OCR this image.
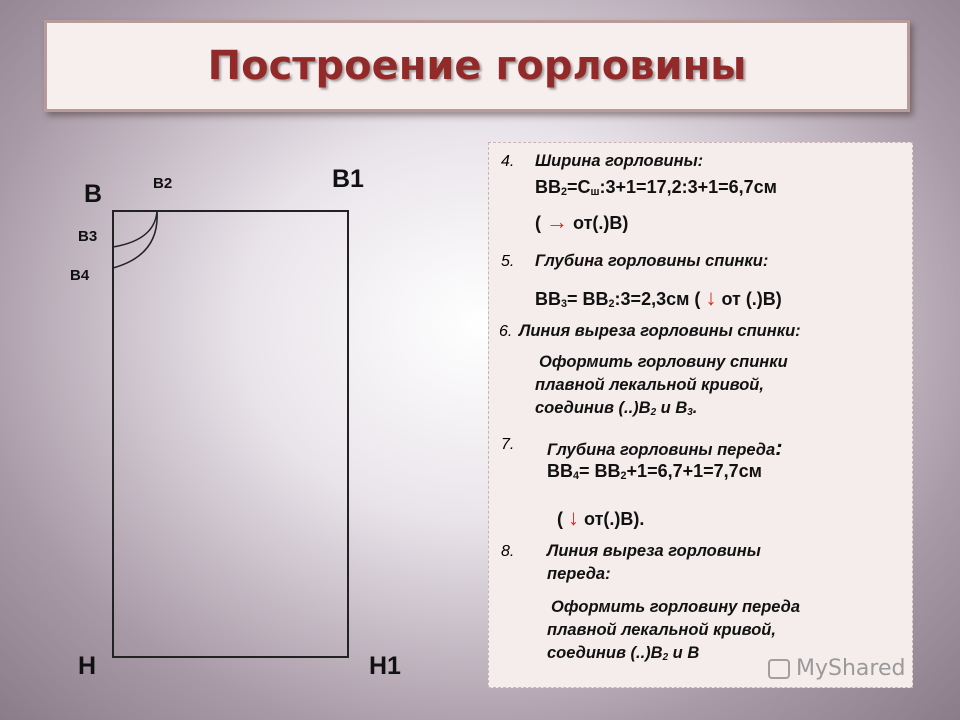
Построение горловины
В
В1
В2
В3
В4
Н	Н1
4. Ширина горловины:
$ВВ_2=С_ш:3+1=17,2:3+1=6,7см$
( → от(.)В)
5. Глубина горловины спинки:
$ВВ_3=$ $ВВ_2:3=2,3см$ ( ↓ от (.)В)
6. Линия выреза горловины спинки:
Оформить горловину спинки
плавной лекальной кривой,
соединив $(..)В_2$ и $В_3$.
7. Глубина горловины переда:
$ВВ_4= ВВ_2+1=6,7+1=7,7см$
( ↓ от(.)В).
8. Линия выреза горловины
переда:
Оформить горловину переда
плавной лекальной кривой,
соединив $(..)В_2$ и В
MyShared
